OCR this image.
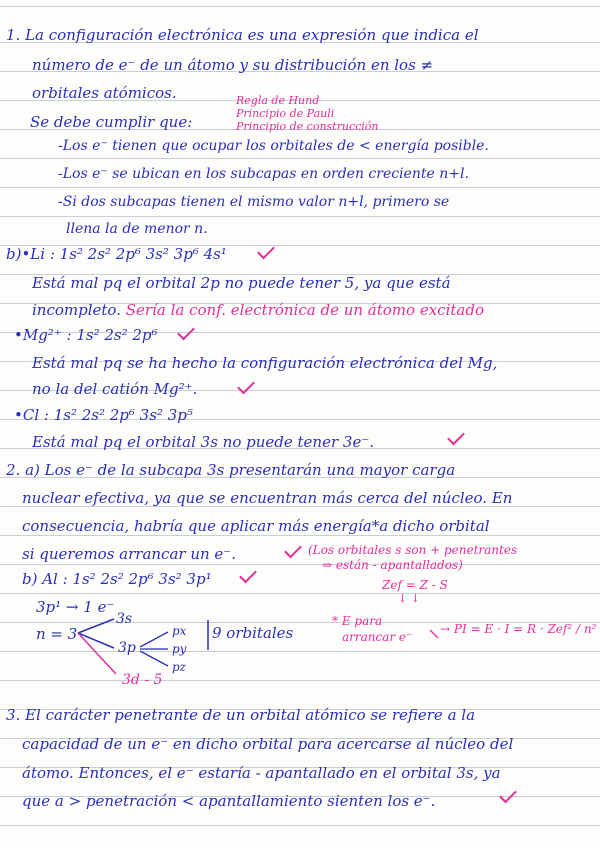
1. La configuración electrónica es una expresión que indica el
número de e⁻ de un átomo y su distribución en los ≠
orbitales atómicos.
Se debe cumplir que:
Regla de Hund
Principio de Pauli
Principio de construcción
-Los e⁻ tienen que ocupar los orbitales de < energía posible.
-Los e⁻ se ubican en los subcapas en orden creciente n+l.
-Si dos subcapas tienen el mismo valor n+l, primero se
llena la de menor n.
b)•Li : 1s² 2s² 2p⁶ 3s² 3p⁶ 4s¹
Está mal pq el orbital 2p no puede tener 5, ya que está
incompleto. Sería la conf. electrónica de un átomo excitado
•Mg²⁺ : 1s² 2s² 2p⁶
Está mal pq se ha hecho la configuración electrónica del Mg,
no la del catión Mg²⁺.
•Cl : 1s² 2s² 2p⁶ 3s² 3p⁵
Está mal pq el orbital 3s no puede tener 3e⁻.
2. a) Los e⁻ de la subcapa 3s presentarán una mayor carga
nuclear efectiva, ya que se encuentran más cerca del núcleo. En
consecuencia, habría que aplicar más energía*a dicho orbital
si queremos arrancar un e⁻.	(Los orbitales s son + penetrantes
⇒ están - apantallados)
b) Al : 1s² 2s² 2p⁶ 3s² 3p¹	Zef = Z - S
↓ ↓
3p¹ → 1 e⁻
n = 3
3s
3p
3d - 5
px
py
pz
9 orbitales
* E para
arrancar e⁻
→ PI = E · I = R · Zef² / n²
3. El carácter penetrante de un orbital atómico se refiere a la
capacidad de un e⁻ en dicho orbital para acercarse al núcleo del
átomo. Entonces, el e⁻ estaría - apantallado en el orbital 3s, ya
que a > penetración < apantallamiento sienten los e⁻.
